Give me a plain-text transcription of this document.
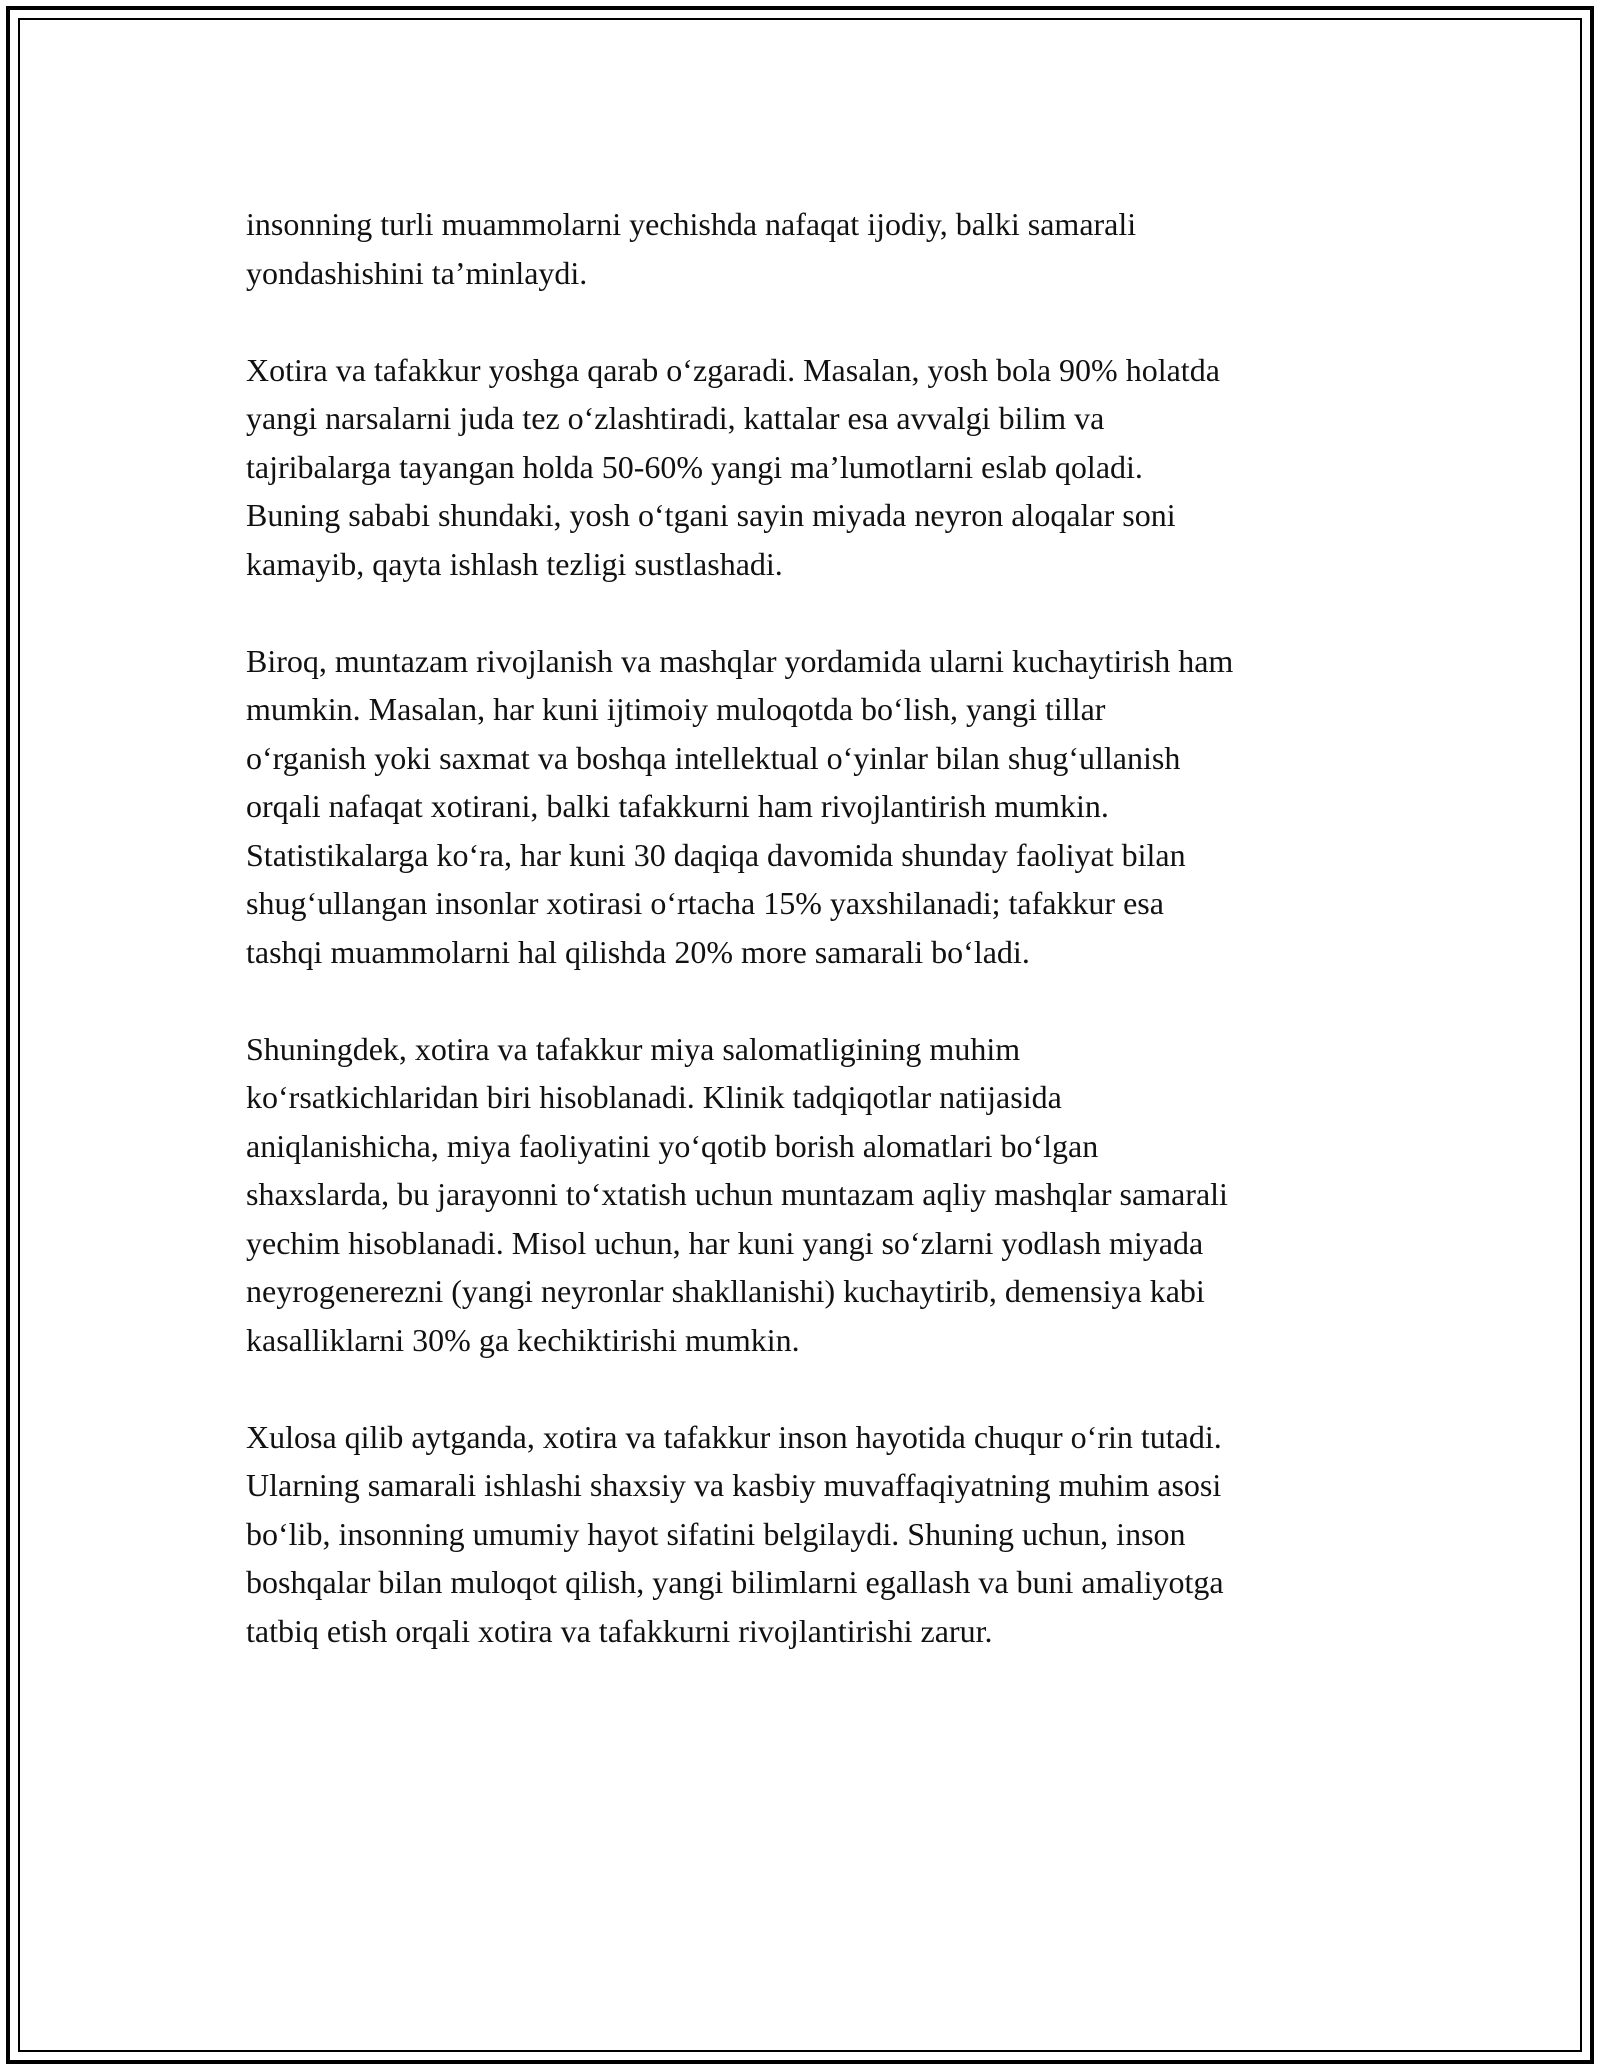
insonning turli muammolarni yechishda nafaqat ijodiy, balki samarali
yondashishini ta’minlaydi.

Xotira va tafakkur yoshga qarab o‘zgaradi. Masalan, yosh bola 90% holatda
yangi narsalarni juda tez o‘zlashtiradi, kattalar esa avvalgi bilim va
tajribalarga tayangan holda 50-60% yangi ma’lumotlarni eslab qoladi.
Buning sababi shundaki, yosh o‘tgani sayin miyada neyron aloqalar soni
kamayib, qayta ishlash tezligi sustlashadi.

Biroq, muntazam rivojlanish va mashqlar yordamida ularni kuchaytirish ham
mumkin. Masalan, har kuni ijtimoiy muloqotda bo‘lish, yangi tillar
o‘rganish yoki saxmat va boshqa intellektual o‘yinlar bilan shug‘ullanish
orqali nafaqat xotirani, balki tafakkurni ham rivojlantirish mumkin.
Statistikalarga ko‘ra, har kuni 30 daqiqa davomida shunday faoliyat bilan
shug‘ullangan insonlar xotirasi o‘rtacha 15% yaxshilanadi; tafakkur esa
tashqi muammolarni hal qilishda 20% more samarali bo‘ladi.

Shuningdek, xotira va tafakkur miya salomatligining muhim
ko‘rsatkichlaridan biri hisoblanadi. Klinik tadqiqotlar natijasida
aniqlanishicha, miya faoliyatini yo‘qotib borish alomatlari bo‘lgan
shaxslarda, bu jarayonni to‘xtatish uchun muntazam aqliy mashqlar samarali
yechim hisoblanadi. Misol uchun, har kuni yangi so‘zlarni yodlash miyada
neyrogenerezni (yangi neyronlar shakllanishi) kuchaytirib, demensiya kabi
kasalliklarni 30% ga kechiktirishi mumkin.

Xulosa qilib aytganda, xotira va tafakkur inson hayotida chuqur o‘rin tutadi.
Ularning samarali ishlashi shaxsiy va kasbiy muvaffaqiyatning muhim asosi
bo‘lib, insonning umumiy hayot sifatini belgilaydi. Shuning uchun, inson
boshqalar bilan muloqot qilish, yangi bilimlarni egallash va buni amaliyotga
tatbiq etish orqali xotira va tafakkurni rivojlantirishi zarur.
